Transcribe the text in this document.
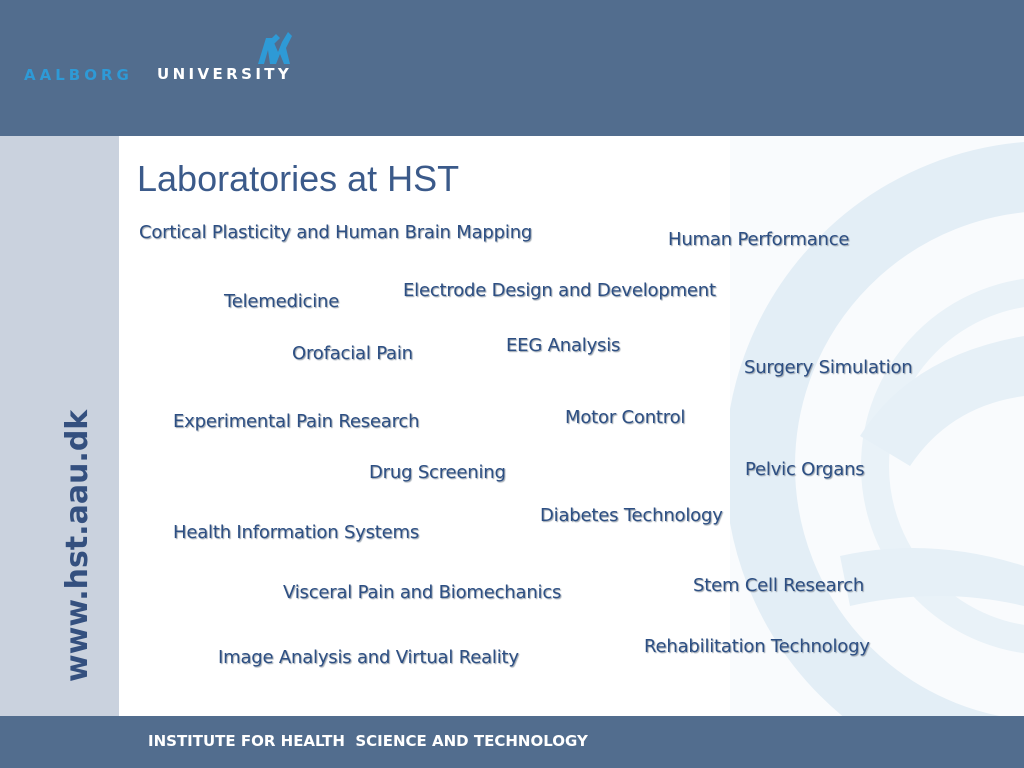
AALBORG UNIVERSITY
www.hst.aau.dk
Laboratories at HST
Cortical Plasticity and Human Brain Mapping	Human Performance
Electrode Design and Development
Telemedicine
EEG Analysis
Orofacial Pain
Surgery Simulation
Motor Control
Experimental Pain Research
Pelvic Organs
Drug Screening
Diabetes Technology
Health Information Systems
Stem Cell Research
Visceral Pain and Biomechanics
Rehabilitation Technology
Image Analysis and Virtual Reality
INSTITUTE FOR HEALTH  SCIENCE AND TECHNOLOGY
